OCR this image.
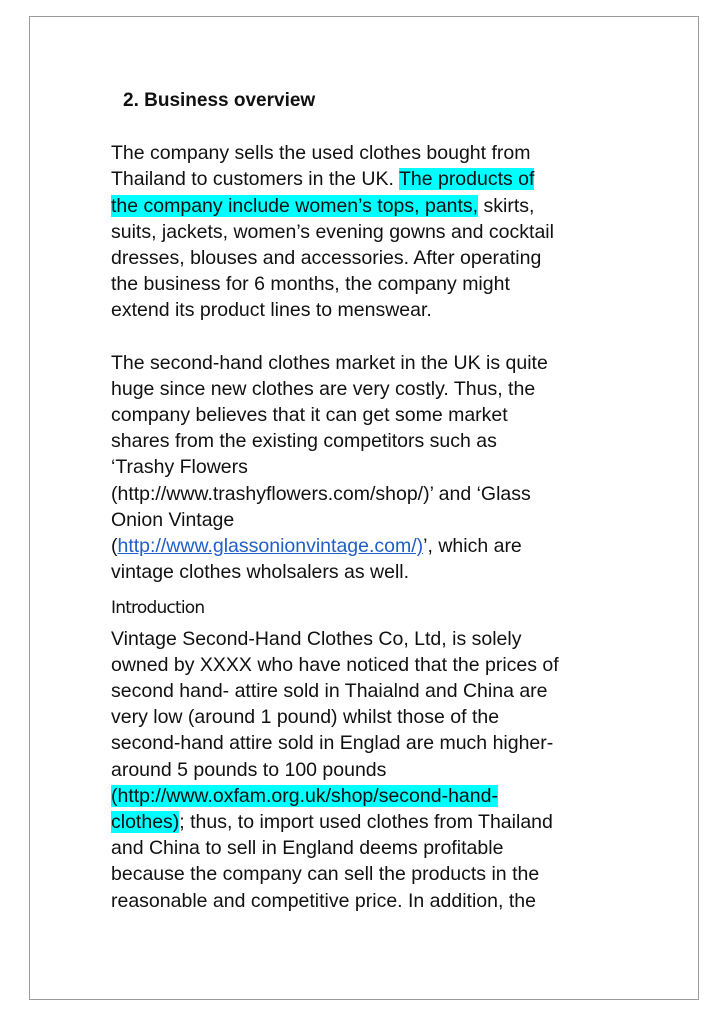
2. Business overview
The company sells the used clothes bought from
Thailand to customers in the UK. The products of
the company include women’s tops, pants, skirts,
suits, jackets, women’s evening gowns and cocktail
dresses, blouses and accessories. After operating
the business for 6 months, the company might
extend its product lines to menswear.
The second-hand clothes market in the UK is quite
huge since new clothes are very costly. Thus, the
company believes that it can get some market
shares from the existing competitors such as
‘Trashy Flowers
(http://www.trashyflowers.com/shop/)’ and ‘Glass
Onion Vintage
(http://www.glassonionvintage.com/)’, which are
vintage clothes wholsalers as well.
Introduction
Vintage Second-Hand Clothes Co, Ltd, is solely
owned by XXXX who have noticed that the prices of
second hand- attire sold in Thaialnd and China are
very low (around 1 pound) whilst those of the
second-hand attire sold in Englad are much higher-
around 5 pounds to 100 pounds
(http://www.oxfam.org.uk/shop/second-hand-
clothes); thus, to import used clothes from Thailand
and China to sell in England deems profitable
because the company can sell the products in the
reasonable and competitive price. In addition, the
